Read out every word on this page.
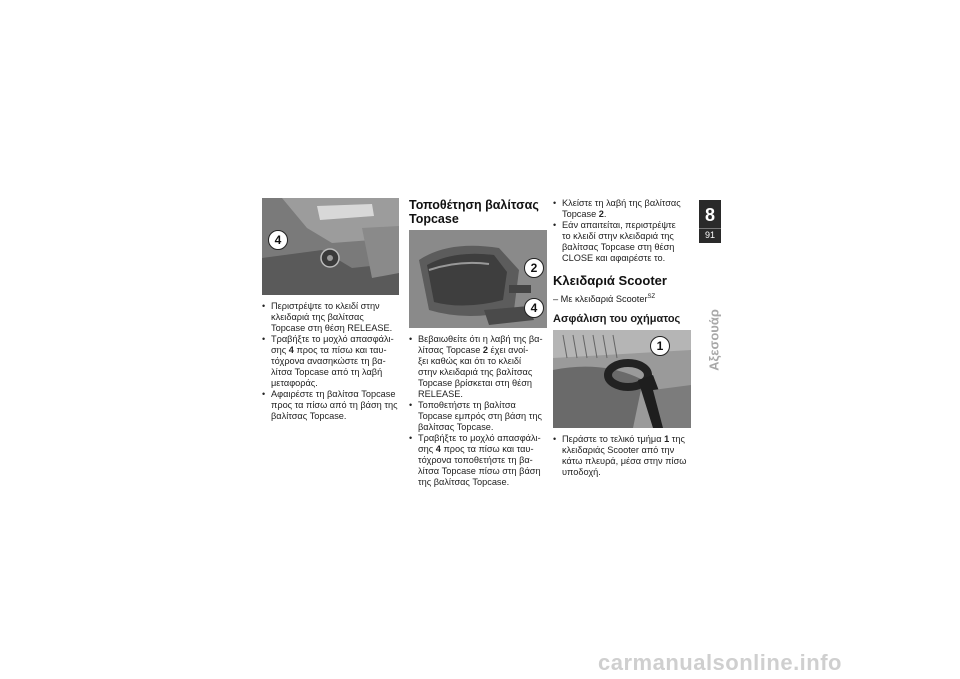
4
• Περιστρέψτε το κλειδί στην
κλειδαριά της βαλίτσας
Topcase στη θέση RELEASE.
• Τραβήξτε το μοχλό απασφάλι-
σης 4 προς τα πίσω και ταυ-
τόχρονα ανασηκώστε τη βα-
λίτσα Topcase από τη λαβή
μεταφοράς.
• Αφαιρέστε τη βαλίτσα Topcase
προς τα πίσω από τη βάση της
βαλίτσας Topcase.
Τοποθέτηση βαλίτσας
Topcase
2
4
• Βεβαιωθείτε ότι η λαβή της βα-
λίτσας Topcase 2 έχει ανοί-
ξει καθώς και ότι το κλειδί
στην κλειδαριά της βαλίτσας
Topcase βρίσκεται στη θέση
RELEASE.
• Τοποθετήστε τη βαλίτσα
Topcase εμπρός στη βάση της
βαλίτσας Topcase.
• Τραβήξτε το μοχλό απασφάλι-
σης 4 προς τα πίσω και ταυ-
τόχρονα τοποθετήστε τη βα-
λίτσα Topcase πίσω στη βάση
της βαλίτσας Topcase.
• Κλείστε τη λαβή της βαλίτσας
Topcase 2.
• Εάν απαιτείται, περιστρέψτε
το κλειδί στην κλειδαριά της
βαλίτσας Topcase στη θέση
CLOSE και αφαιρέστε το.
Κλειδαριά Scooter
– Με κλειδαριά Scooter$^{SZ}$
Ασφάλιση του οχήματος
1
• Περάστε το τελικό τμήμα 1 της
κλειδαριάς Scooter από την
κάτω πλευρά, μέσα στην πίσω
υποδοχή.
8
91
Αξεσουάρ
carmanualsonline.info
